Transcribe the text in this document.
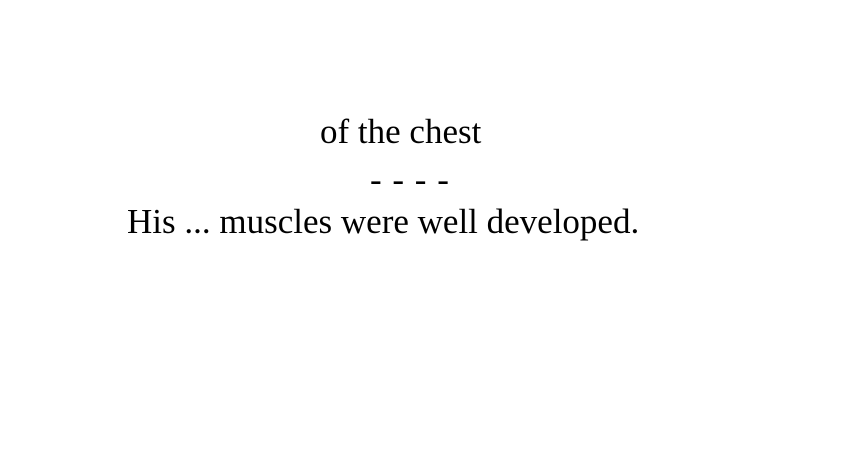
of the chest
- - - -
His ... muscles were well developed.
